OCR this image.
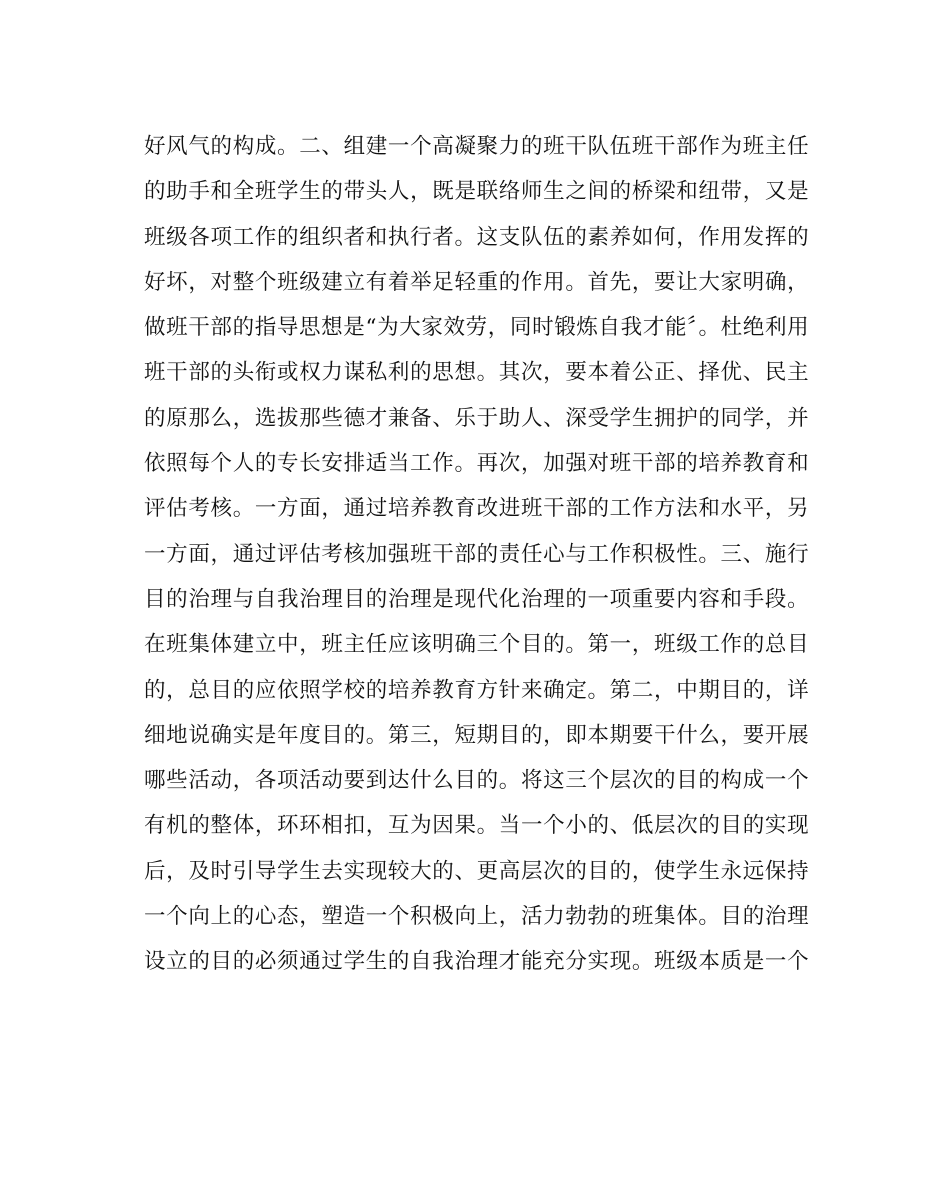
好风气的构成。二、组建一个高凝聚力的班干队伍班干部作为班主任
的助手和全班学生的带头人，既是联络师生之间的桥梁和纽带，又是
班级各项工作的组织者和执行者。这支队伍的素养如何，作用发挥的
好坏，对整个班级建立有着举足轻重的作用。首先，要让大家明确，
做班干部的指导思想是“为大家效劳，同时锻炼自我才能〞。杜绝利用
班干部的头衔或权力谋私利的思想。其次，要本着公正、择优、民主
的原那么，选拔那些德才兼备、乐于助人、深受学生拥护的同学，并
依照每个人的专长安排适当工作。再次，加强对班干部的培养教育和
评估考核。一方面，通过培养教育改进班干部的工作方法和水平，另
一方面，通过评估考核加强班干部的责任心与工作积极性。三、施行
目的治理与自我治理目的治理是现代化治理的一项重要内容和手段。
在班集体建立中，班主任应该明确三个目的。第一，班级工作的总目
的，总目的应依照学校的培养教育方针来确定。第二，中期目的，详
细地说确实是年度目的。第三，短期目的，即本期要干什么，要开展
哪些活动，各项活动要到达什么目的。将这三个层次的目的构成一个
有机的整体，环环相扣，互为因果。当一个小的、低层次的目的实现
后，及时引导学生去实现较大的、更高层次的目的，使学生永远保持
一个向上的心态，塑造一个积极向上，活力勃勃的班集体。目的治理
设立的目的必须通过学生的自我治理才能充分实现。班级本质是一个
